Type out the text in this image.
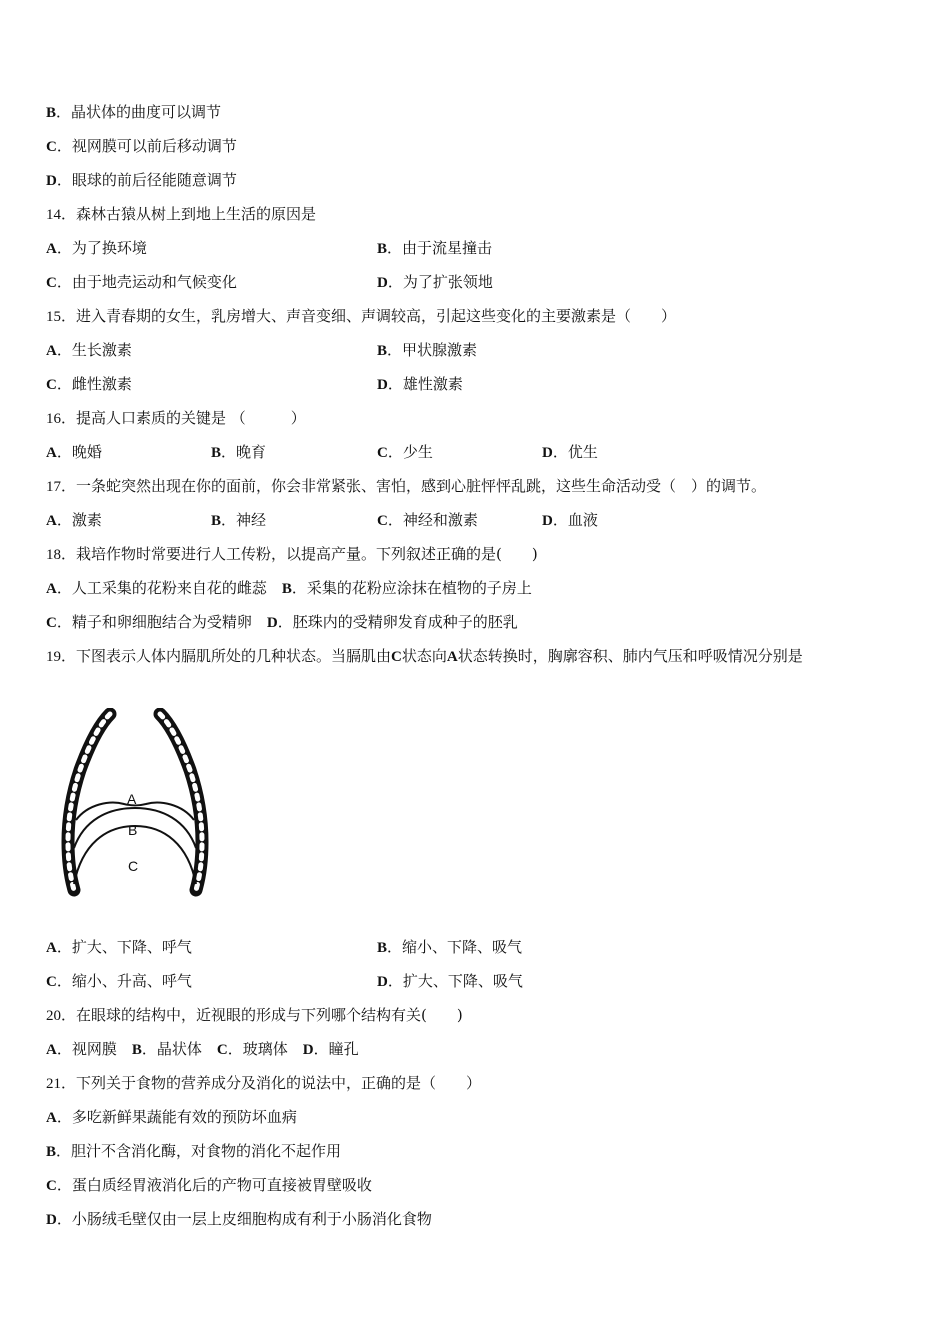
B．晶状体的曲度可以调节
C．视网膜可以前后移动调节
D．眼球的前后径能随意调节
14．森林古猿从树上到地上生活的原因是
A．为了换环境	B．由于流星撞击
C．由于地壳运动和气候变化	D．为了扩张领地
15．进入青春期的女生，乳房增大、声音变细、声调较高，引起这些变化的主要激素是（　　）
A．生长激素	B．甲状腺激素
C．雌性激素	D．雄性激素
16．提高人口素质的关键是 （　　　）
A．晚婚	B．晚育	C．少生	D．优生
17．一条蛇突然出现在你的面前，你会非常紧张、害怕，感到心脏怦怦乱跳，这些生命活动受（　）的调节。
A．激素	B．神经	C．神经和激素	D．血液
18．栽培作物时常要进行人工传粉，以提高产量。下列叙述正确的是(　　)
A．人工采集的花粉来自花的雌蕊　B．采集的花粉应涂抹在植物的子房上
C．精子和卵细胞结合为受精卵　D．胚珠内的受精卵发育成种子的胚乳
19．下图表示人体内膈肌所处的几种状态。当膈肌由C状态向A状态转换时，胸廓容积、肺内气压和呼吸情况分别是
A
B
C
A．扩大、下降、呼气	B．缩小、下降、吸气
C．缩小、升高、呼气	D．扩大、下降、吸气
20．在眼球的结构中，近视眼的形成与下列哪个结构有关(　　)
A．视网膜　B．晶状体　C．玻璃体　D．瞳孔
21．下列关于食物的营养成分及消化的说法中，正确的是（　　）
A．多吃新鲜果蔬能有效的预防坏血病
B．胆汁不含消化酶，对食物的消化不起作用
C．蛋白质经胃液消化后的产物可直接被胃壁吸收
D．小肠绒毛壁仅由一层上皮细胞构成有利于小肠消化食物
